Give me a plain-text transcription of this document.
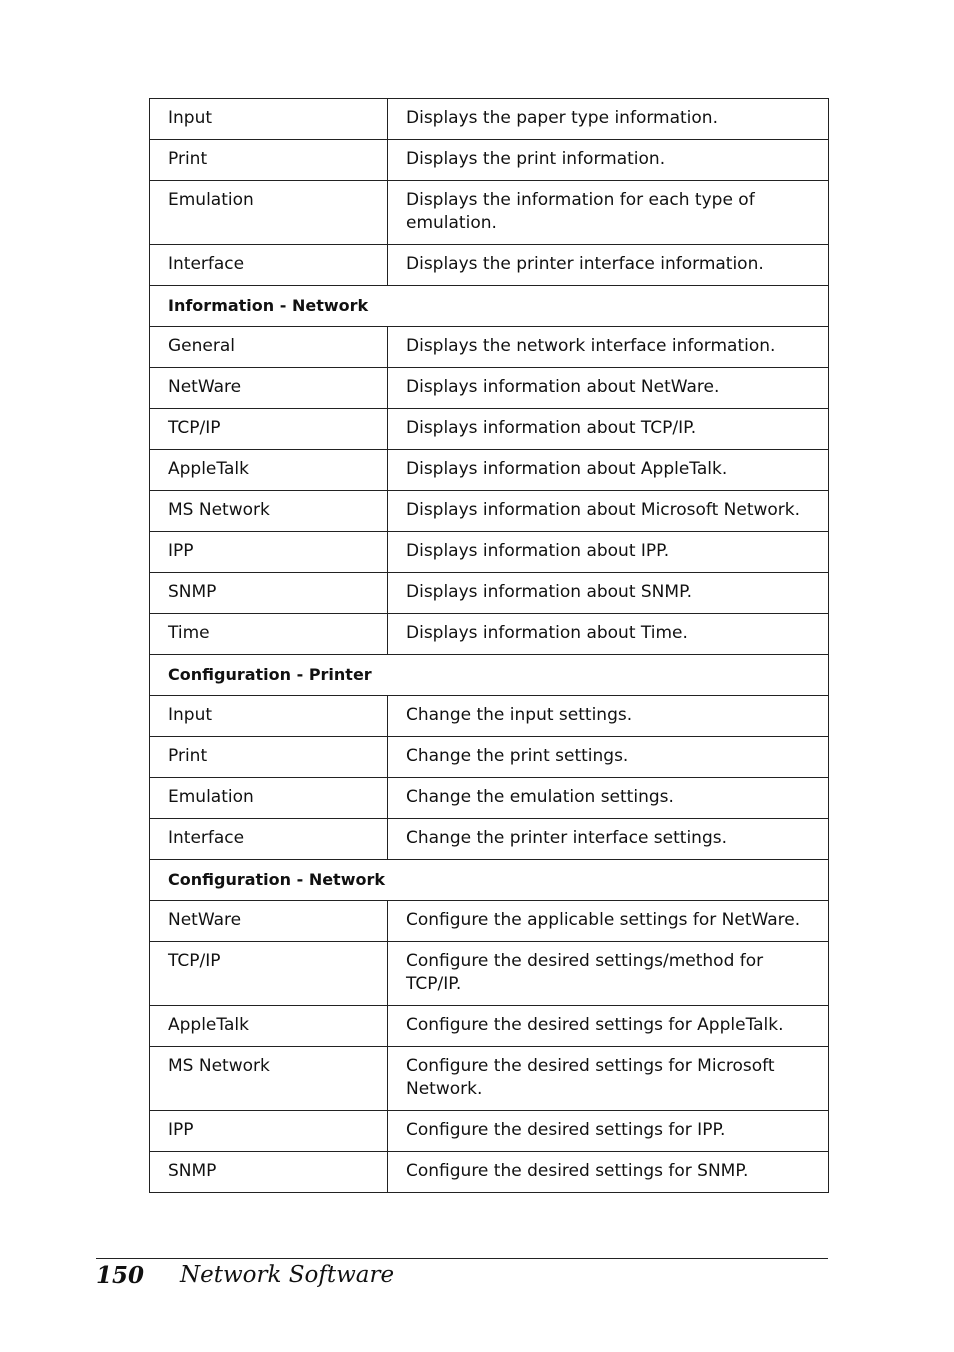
Input	Displays the paper type information.
Print	Displays the print information.
Emulation	Displays the information for each type of emulation.
Interface	Displays the printer interface information.
Information - Network	
General	Displays the network interface information.
NetWare	Displays information about NetWare.
TCP/IP	Displays information about TCP/IP.
AppleTalk	Displays information about AppleTalk.
MS Network	Displays information about Microsoft Network.
IPP	Displays information about IPP.
SNMP	Displays information about SNMP.
Time	Displays information about Time.
Configuration - Printer	
Input	Change the input settings.
Print	Change the print settings.
Emulation	Change the emulation settings.
Interface	Change the printer interface settings.
Configuration - Network	
NetWare	Configure the applicable settings for NetWare.
TCP/IP	Configure the desired settings/method for TCP/IP.
AppleTalk	Configure the desired settings for AppleTalk.
MS Network	Configure the desired settings for Microsoft Network.
IPP	Configure the desired settings for IPP.
SNMP	Configure the desired settings for SNMP.
150 Network Software
